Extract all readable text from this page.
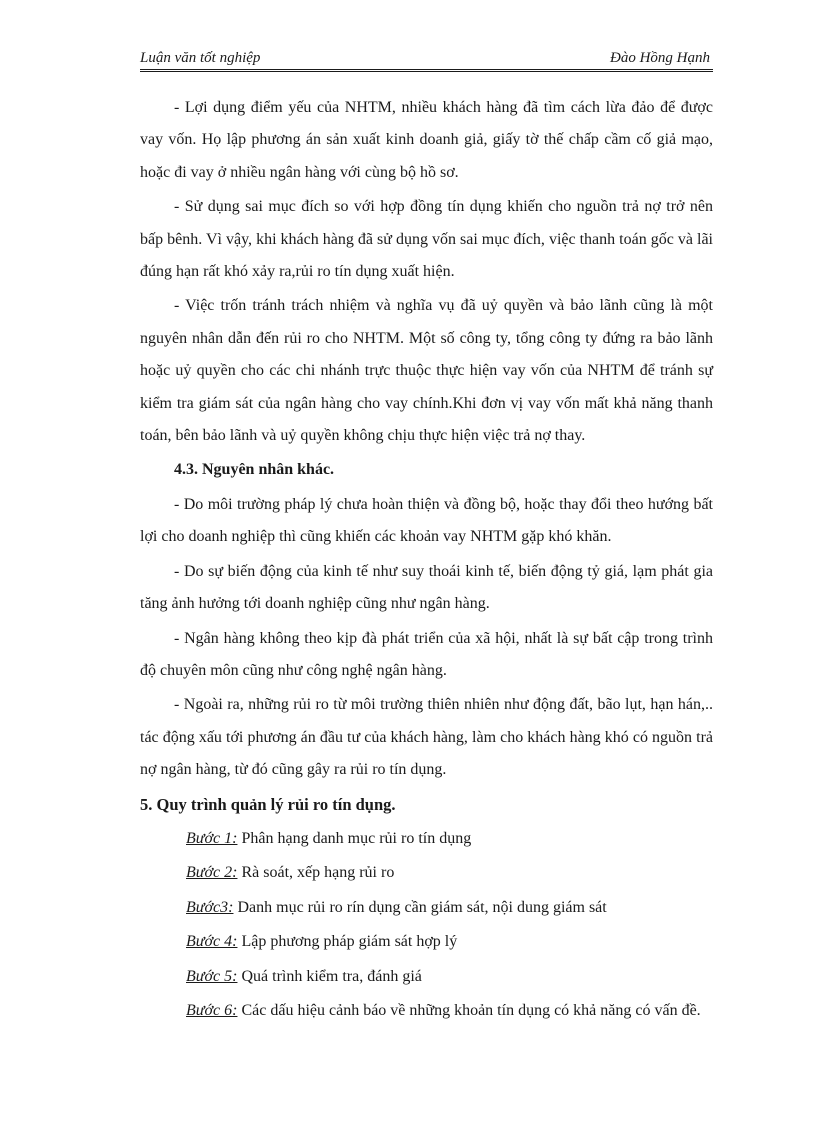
Luận văn tốt nghiệp	Đào Hồng Hạnh

- Lợi dụng điểm yếu của NHTM, nhiều khách hàng đã tìm cách lừa đảo để được vay vốn. Họ lập phương án sản xuất kinh doanh giả, giấy tờ thế chấp cầm cố giả mạo, hoặc đi vay ở nhiều ngân hàng với cùng bộ hồ sơ.

- Sử dụng sai mục đích so với hợp đồng tín dụng khiến cho nguồn trả nợ trở nên bấp bênh. Vì vậy, khi khách hàng đã sử dụng vốn sai mục đích, việc thanh toán gốc và lãi đúng hạn rất khó xảy ra,rủi ro tín dụng xuất hiện.

- Việc trốn tránh trách nhiệm và nghĩa vụ đã uỷ quyền và bảo lãnh cũng là một nguyên nhân dẫn đến rủi ro cho NHTM. Một số công ty, tổng công ty đứng ra bảo lãnh hoặc uỷ quyền cho các chi nhánh trực thuộc thực hiện vay vốn của NHTM để tránh sự kiểm tra giám sát của ngân hàng cho vay chính.Khi đơn vị vay vốn mất khả năng thanh toán, bên bảo lãnh và uỷ quyền không chịu thực hiện việc trả nợ thay.

4.3. Nguyên nhân khác.

- Do môi trường pháp lý chưa hoàn thiện và đồng bộ, hoặc thay đổi theo hướng bất lợi cho doanh nghiệp thì cũng khiến các khoản vay NHTM gặp khó khăn.

- Do sự biến động của kinh tế như suy thoái kinh tế, biến động tỷ giá, lạm phát gia tăng ảnh hưởng tới doanh nghiệp cũng như ngân hàng.

- Ngân hàng không theo kịp đà phát triển của xã hội, nhất là sự bất cập trong trình độ chuyên môn cũng như công nghệ ngân hàng.

- Ngoài ra, những rủi ro từ môi trường thiên nhiên như động đất, bão lụt, hạn hán,.. tác động xấu tới phương án đầu tư của khách hàng, làm cho khách hàng khó có nguồn trả nợ ngân hàng, từ đó cũng gây ra rủi ro tín dụng.

5. Quy trình quản lý rủi ro tín dụng.

Bước 1: Phân hạng danh mục rủi ro tín dụng

Bước 2: Rà soát, xếp hạng rủi ro

Bước3: Danh mục rủi ro rín dụng cần giám sát, nội dung giám sát

Bước 4: Lập phương pháp giám sát hợp lý

Bước 5: Quá trình kiểm tra, đánh giá

Bước 6: Các dấu hiệu cảnh báo về những khoản tín dụng có khả năng có vấn đề.
